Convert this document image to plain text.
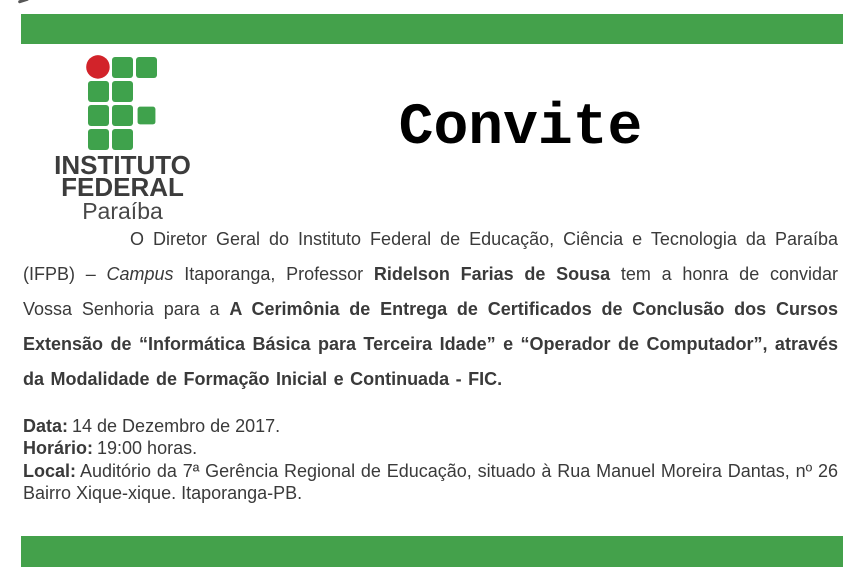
INSTITUTO
FEDERAL
Paraíba
Convite

O Diretor Geral do Instituto Federal de Educação, Ciência e Tecnologia da Paraíba (IFPB) – Campus Itaporanga, Professor Ridelson Farias de Sousa tem a honra de convidar Vossa Senhoria para a A Cerimônia de Entrega de Certificados de Conclusão dos Cursos Extensão de “Informática Básica para Terceira Idade” e “Operador de Computador”, através da Modalidade de Formação Inicial e Continuada - FIC.

Data: 14 de Dezembro de 2017.
Horário: 19:00 horas.
Local: Auditório da 7ª Gerência Regional de Educação, situado à Rua Manuel Moreira Dantas, nº 26 Bairro Xique-xique. Itaporanga-PB.
